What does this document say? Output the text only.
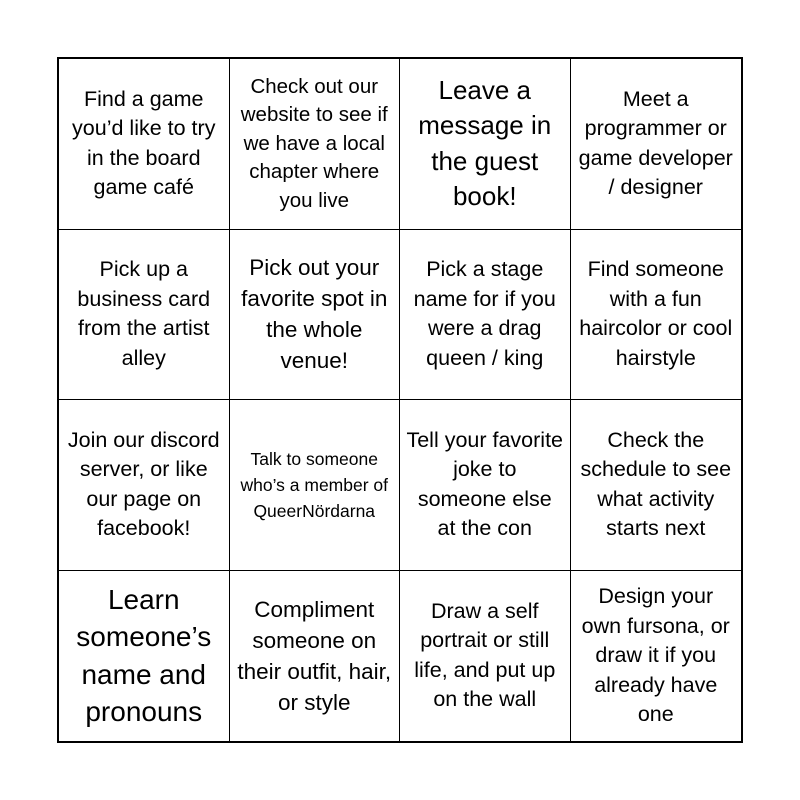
Find a game you’d like to try in the board game café
Check out our website to see if we have a local chapter where you live
Leave a message in the guest book!
Meet a programmer or game developer / designer
Pick up a business card from the artist alley
Pick out your favorite spot in the whole venue!
Pick a stage name for if you were a drag queen / king
Find someone with a fun haircolor or cool hairstyle
Join our discord server, or like our page on facebook!
Talk to someone who’s a member of QueerNördarna
Tell your favorite joke to someone else at the con
Check the schedule to see what activity starts next
Learn someone’s name and pronouns
Compliment someone on their outfit, hair, or style
Draw a self portrait or still life, and put up on the wall
Design your own fursona, or draw it if you already have one
